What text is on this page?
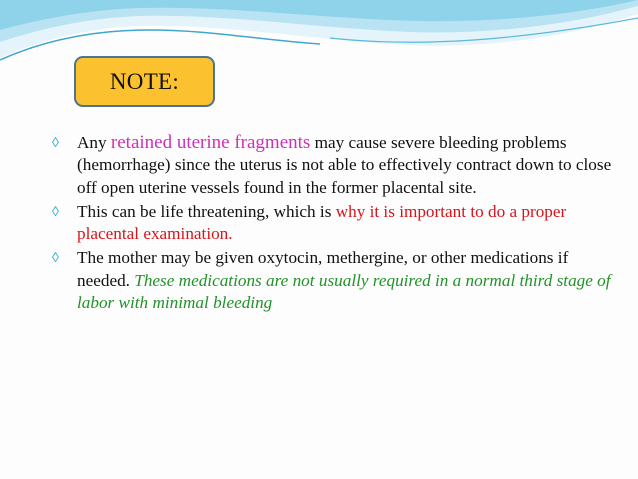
NOTE:
◊ Any retained uterine fragments may cause severe bleeding problems (hemorrhage) since the uterus is not able to effectively contract down to close off open uterine vessels found in the former placental site.
◊ This can be life threatening, which is why it is important to do a proper placental examination.
◊ The mother may be given oxytocin, methergine, or other medications if needed. These medications are not usually required in a normal third stage of labor with minimal bleeding
